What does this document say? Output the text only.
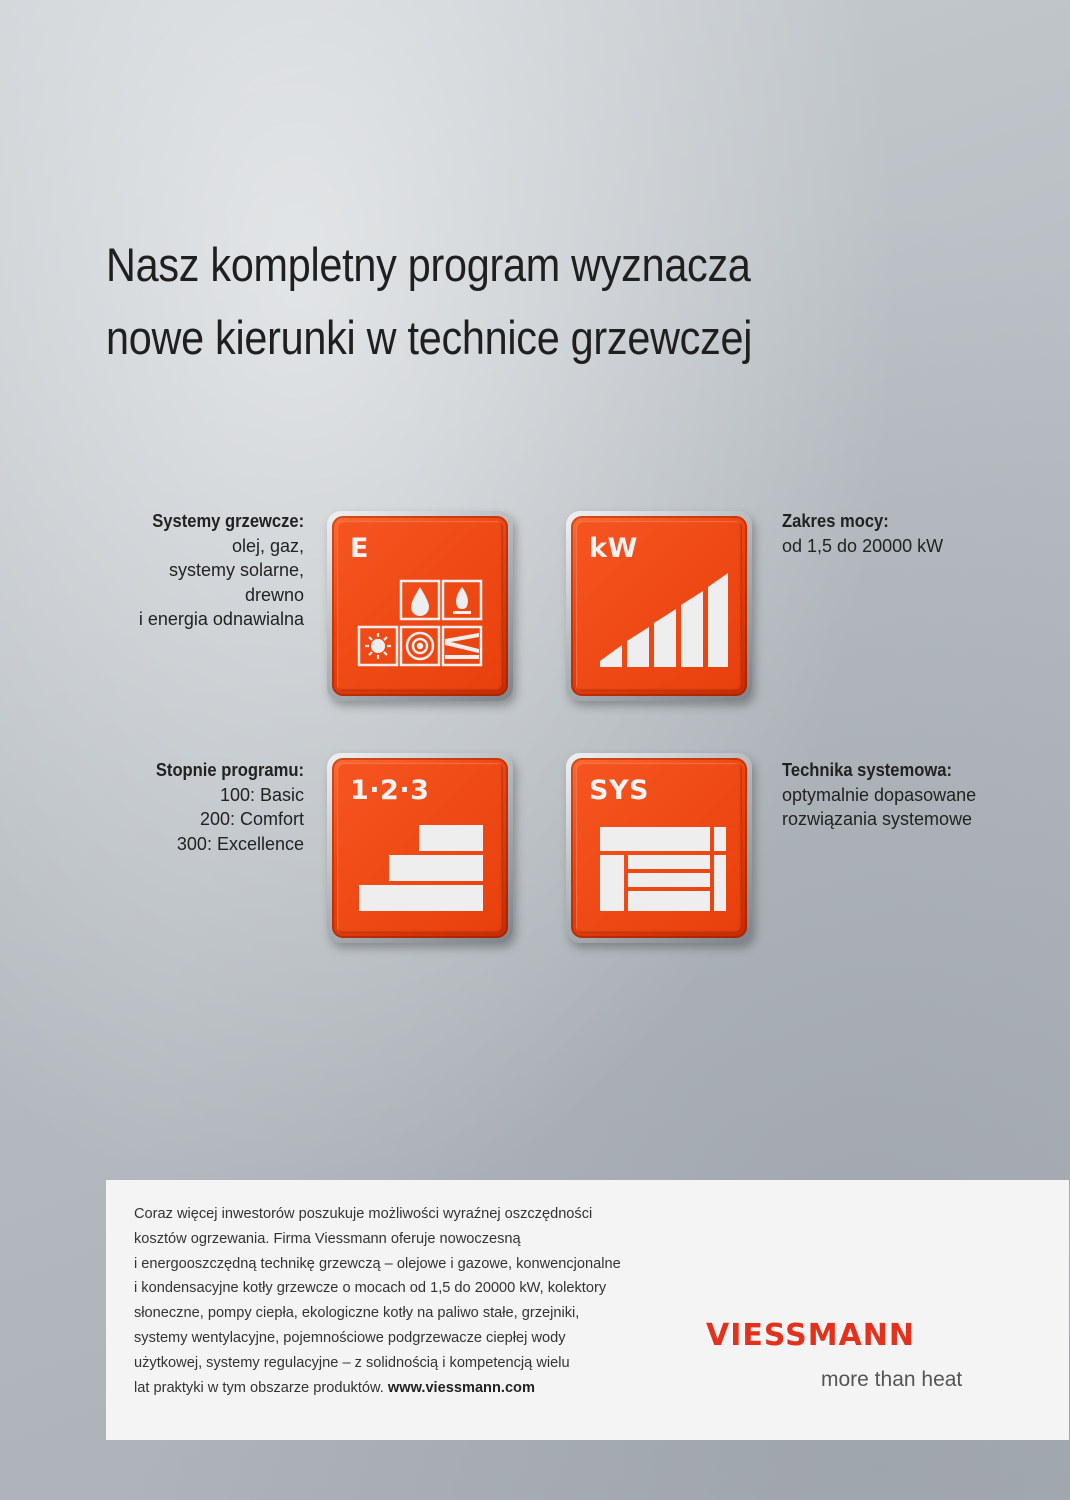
Nasz kompletny program wyznacza
nowe kierunki w technice grzewczej
Systemy grzewcze:
olej, gaz,
systemy solarne,
drewno
i energia odnawialna
E
Zakres mocy:
od 1,5 do 20000 kW
kW
Stopnie programu:
100: Basic
200: Comfort
300: Excellence
1·2·3
Technika systemowa:
optymalnie dopasowane
rozwiązania systemowe
SYS
Coraz więcej inwestorów poszukuje możliwości wyraźnej oszczędności
kosztów ogrzewania. Firma Viessmann oferuje nowoczesną
i energooszczędną technikę grzewczą – olejowe i gazowe, konwencjonalne
i kondensacyjne kotły grzewcze o mocach od 1,5 do 20000 kW, kolektory
słoneczne, pompy ciepła, ekologiczne kotły na paliwo stałe, grzejniki,
systemy wentylacyjne, pojemnościowe podgrzewacze ciepłej wody
użytkowej, systemy regulacyjne – z solidnością i kompetencją wielu
lat praktyki w tym obszarze produktów. www.viessmann.com
VIESSMANN
more than heat
